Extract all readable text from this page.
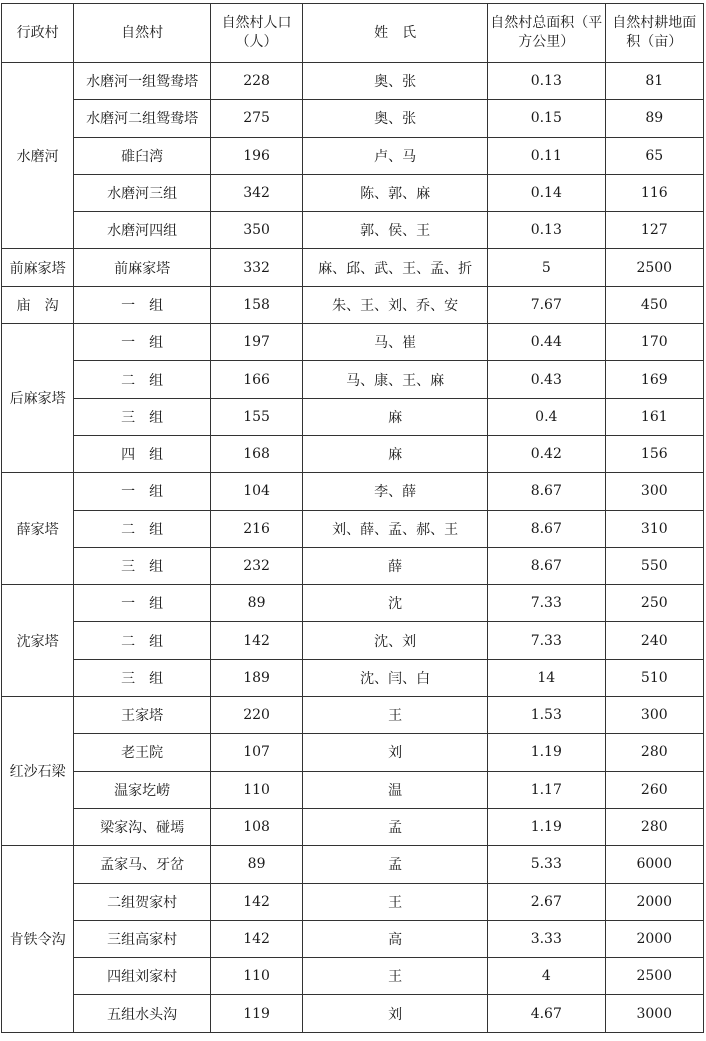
行政村	自然村	自然村人口（人）	姓　氏	自然村总面积（平方公里）	自然村耕地面积（亩）
水磨河	水磨河一组鸳鸯塔	228	奥、张	0.13	81
	水磨河二组鸳鸯塔	275	奥、张	0.15	89
	碓臼湾	196	卢、马	0.11	65
	水磨河三组	342	陈、郭、麻	0.14	116
	水磨河四组	350	郭、侯、王	0.13	127
前麻家塔	前麻家塔	332	麻、邱、武、王、孟、折	5	2500
庙　沟	一　组	158	朱、王、刘、乔、安	7.67	450
后麻家塔	一　组	197	马、崔	0.44	170
	二　组	166	马、康、王、麻	0.43	169
	三　组	155	麻	0.4	161
	四　组	168	麻	0.42	156
薛家塔	一　组	104	李、薛	8.67	300
	二　组	216	刘、薛、孟、郝、王	8.67	310
	三　组	232	薛	8.67	550
沈家塔	一　组	89	沈	7.33	250
	二　组	142	沈、刘	7.33	240
	三　组	189	沈、闫、白	14	510
红沙石梁	王家塔	220	王	1.53	300
	老王院	107	刘	1.19	280
	温家圪崂	110	温	1.17	260
	梁家沟、碰墕	108	孟	1.19	280
肯铁令沟	孟家马、牙岔	89	孟	5.33	6000
	二组贺家村	142	王	2.67	2000
	三组高家村	142	高	3.33	2000
	四组刘家村	110	王	4	2500
	五组水头沟	119	刘	4.67	3000
